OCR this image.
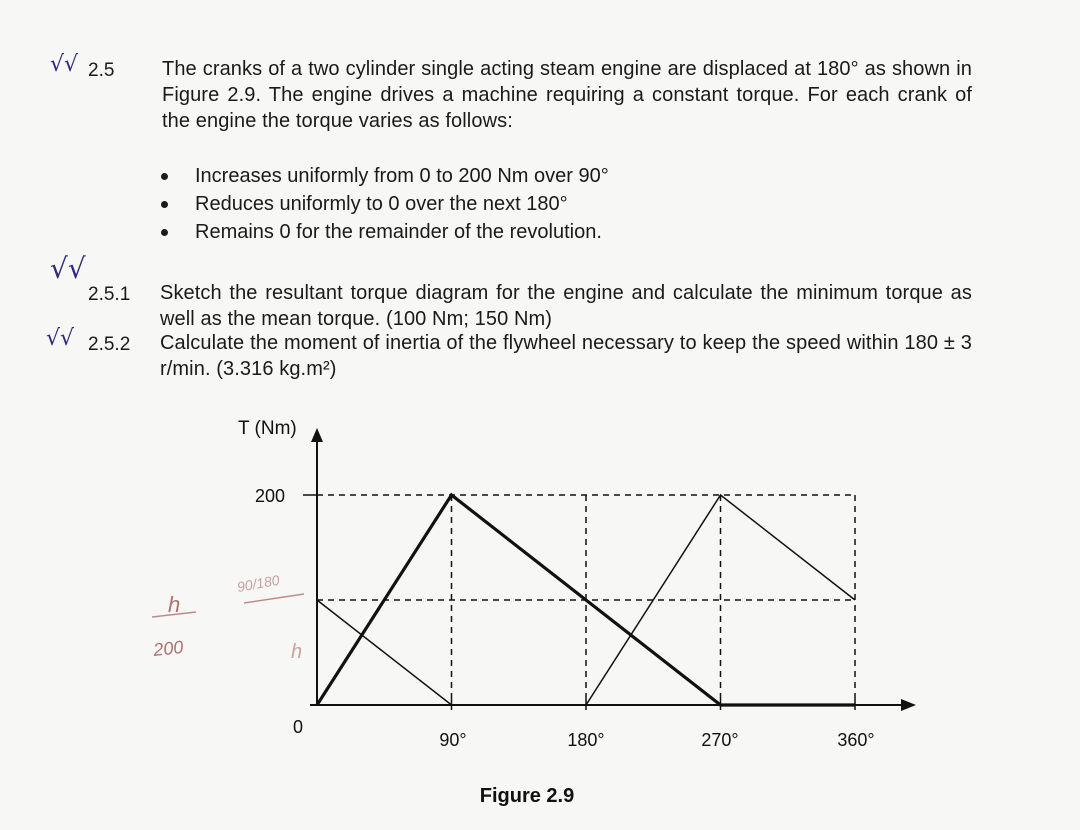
√√
√√
√√
2.5 The cranks of a two cylinder single acting steam engine are displaced at 180° as shown in Figure 2.9. The engine drives a machine requiring a constant torque. For each crank of the engine the torque varies as follows:
Increases uniformly from 0 to 200 Nm over 90°
Reduces uniformly to 0 over the next 180°
Remains 0 for the remainder of the revolution.
2.5.1 Sketch the resultant torque diagram for the engine and calculate the minimum torque as well as the mean torque. (100 Nm; 150 Nm)
2.5.2 Calculate the moment of inertia of the flywheel necessary to keep the speed within 180 ± 3 r/min. (3.316 kg.m²)
h
200
90/180
h
T (Nm)
200
0
90°	180°	270°	360°
Figure 2.9
